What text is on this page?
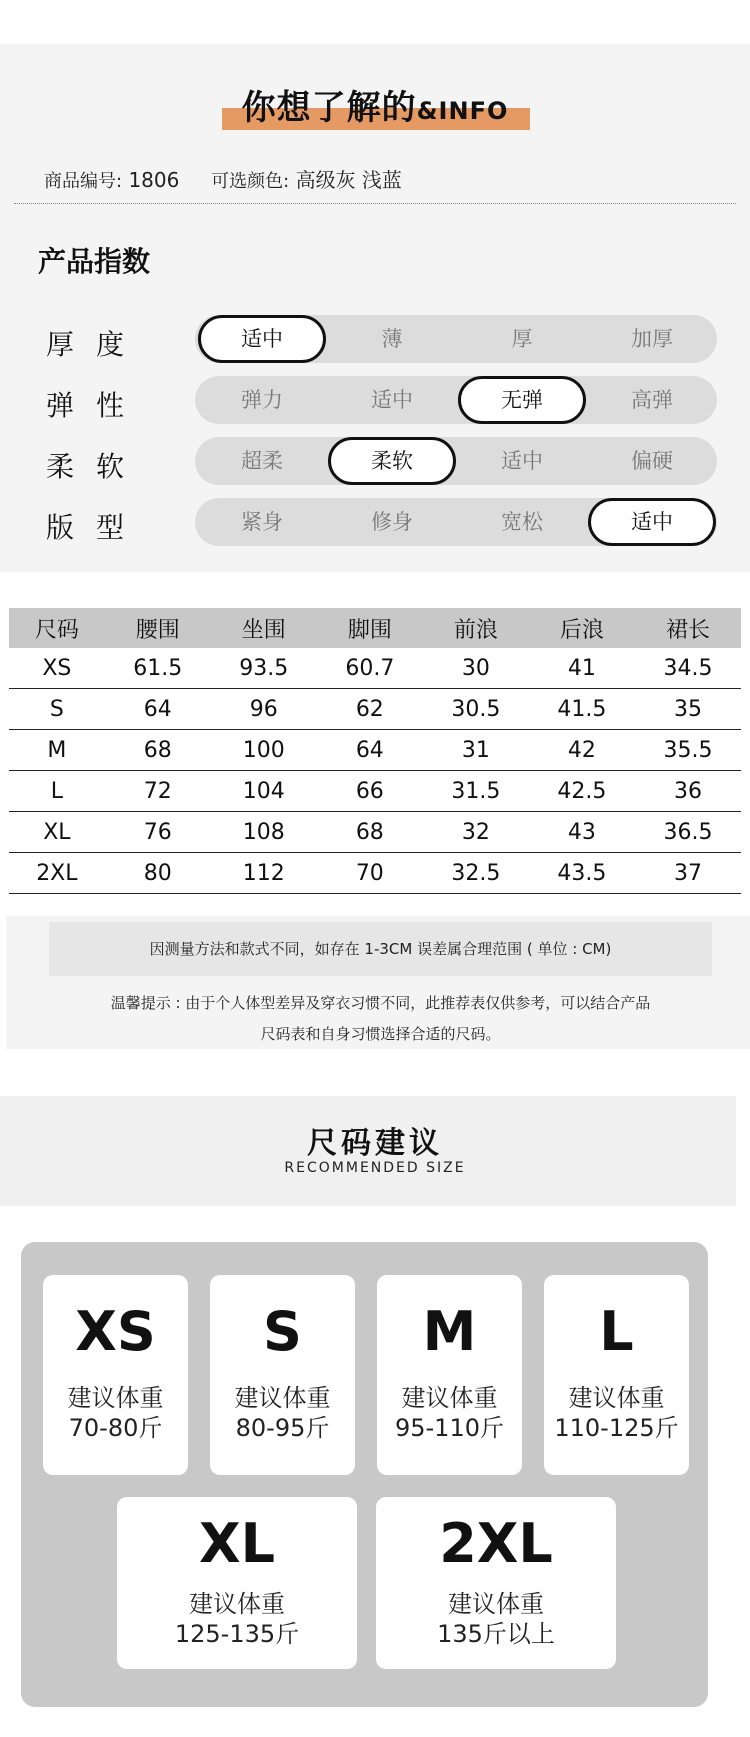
你想了解的&INFO
商品编号: 1806 可选颜色: 高级灰 浅蓝
产品指数
厚度	适中	薄	厚	加厚
弹性	弹力	适中	无弹	高弹
柔软	超柔	柔软	适中	偏硬
版型	紧身	修身	宽松	适中
尺码	腰围	坐围	脚围	前浪	后浪	裙长
XS	61.5	93.5	60.7	30	41	34.5
S	64	96	62	30.5	41.5	35
M	68	100	64	31	42	35.5
L	72	104	66	31.5	42.5	36
XL	76	108	68	32	43	36.5
2XL	80	112	70	32.5	43.5	37
因测量方法和款式不同，如存在 1-3CM 误差属合理范围 ( 单位 : CM)
温馨提示 : 由于个人体型差异及穿衣习惯不同，此推荐表仅供参考，可以结合产品
尺码表和自身习惯选择合适的尺码。
尺码建议
RECOMMENDED SIZE
XS
建议体重
70-80斤
S
建议体重
80-95斤
M
建议体重
95-110斤
L
建议体重
110-125斤
XL
建议体重
125-135斤
2XL
建议体重
135斤以上
